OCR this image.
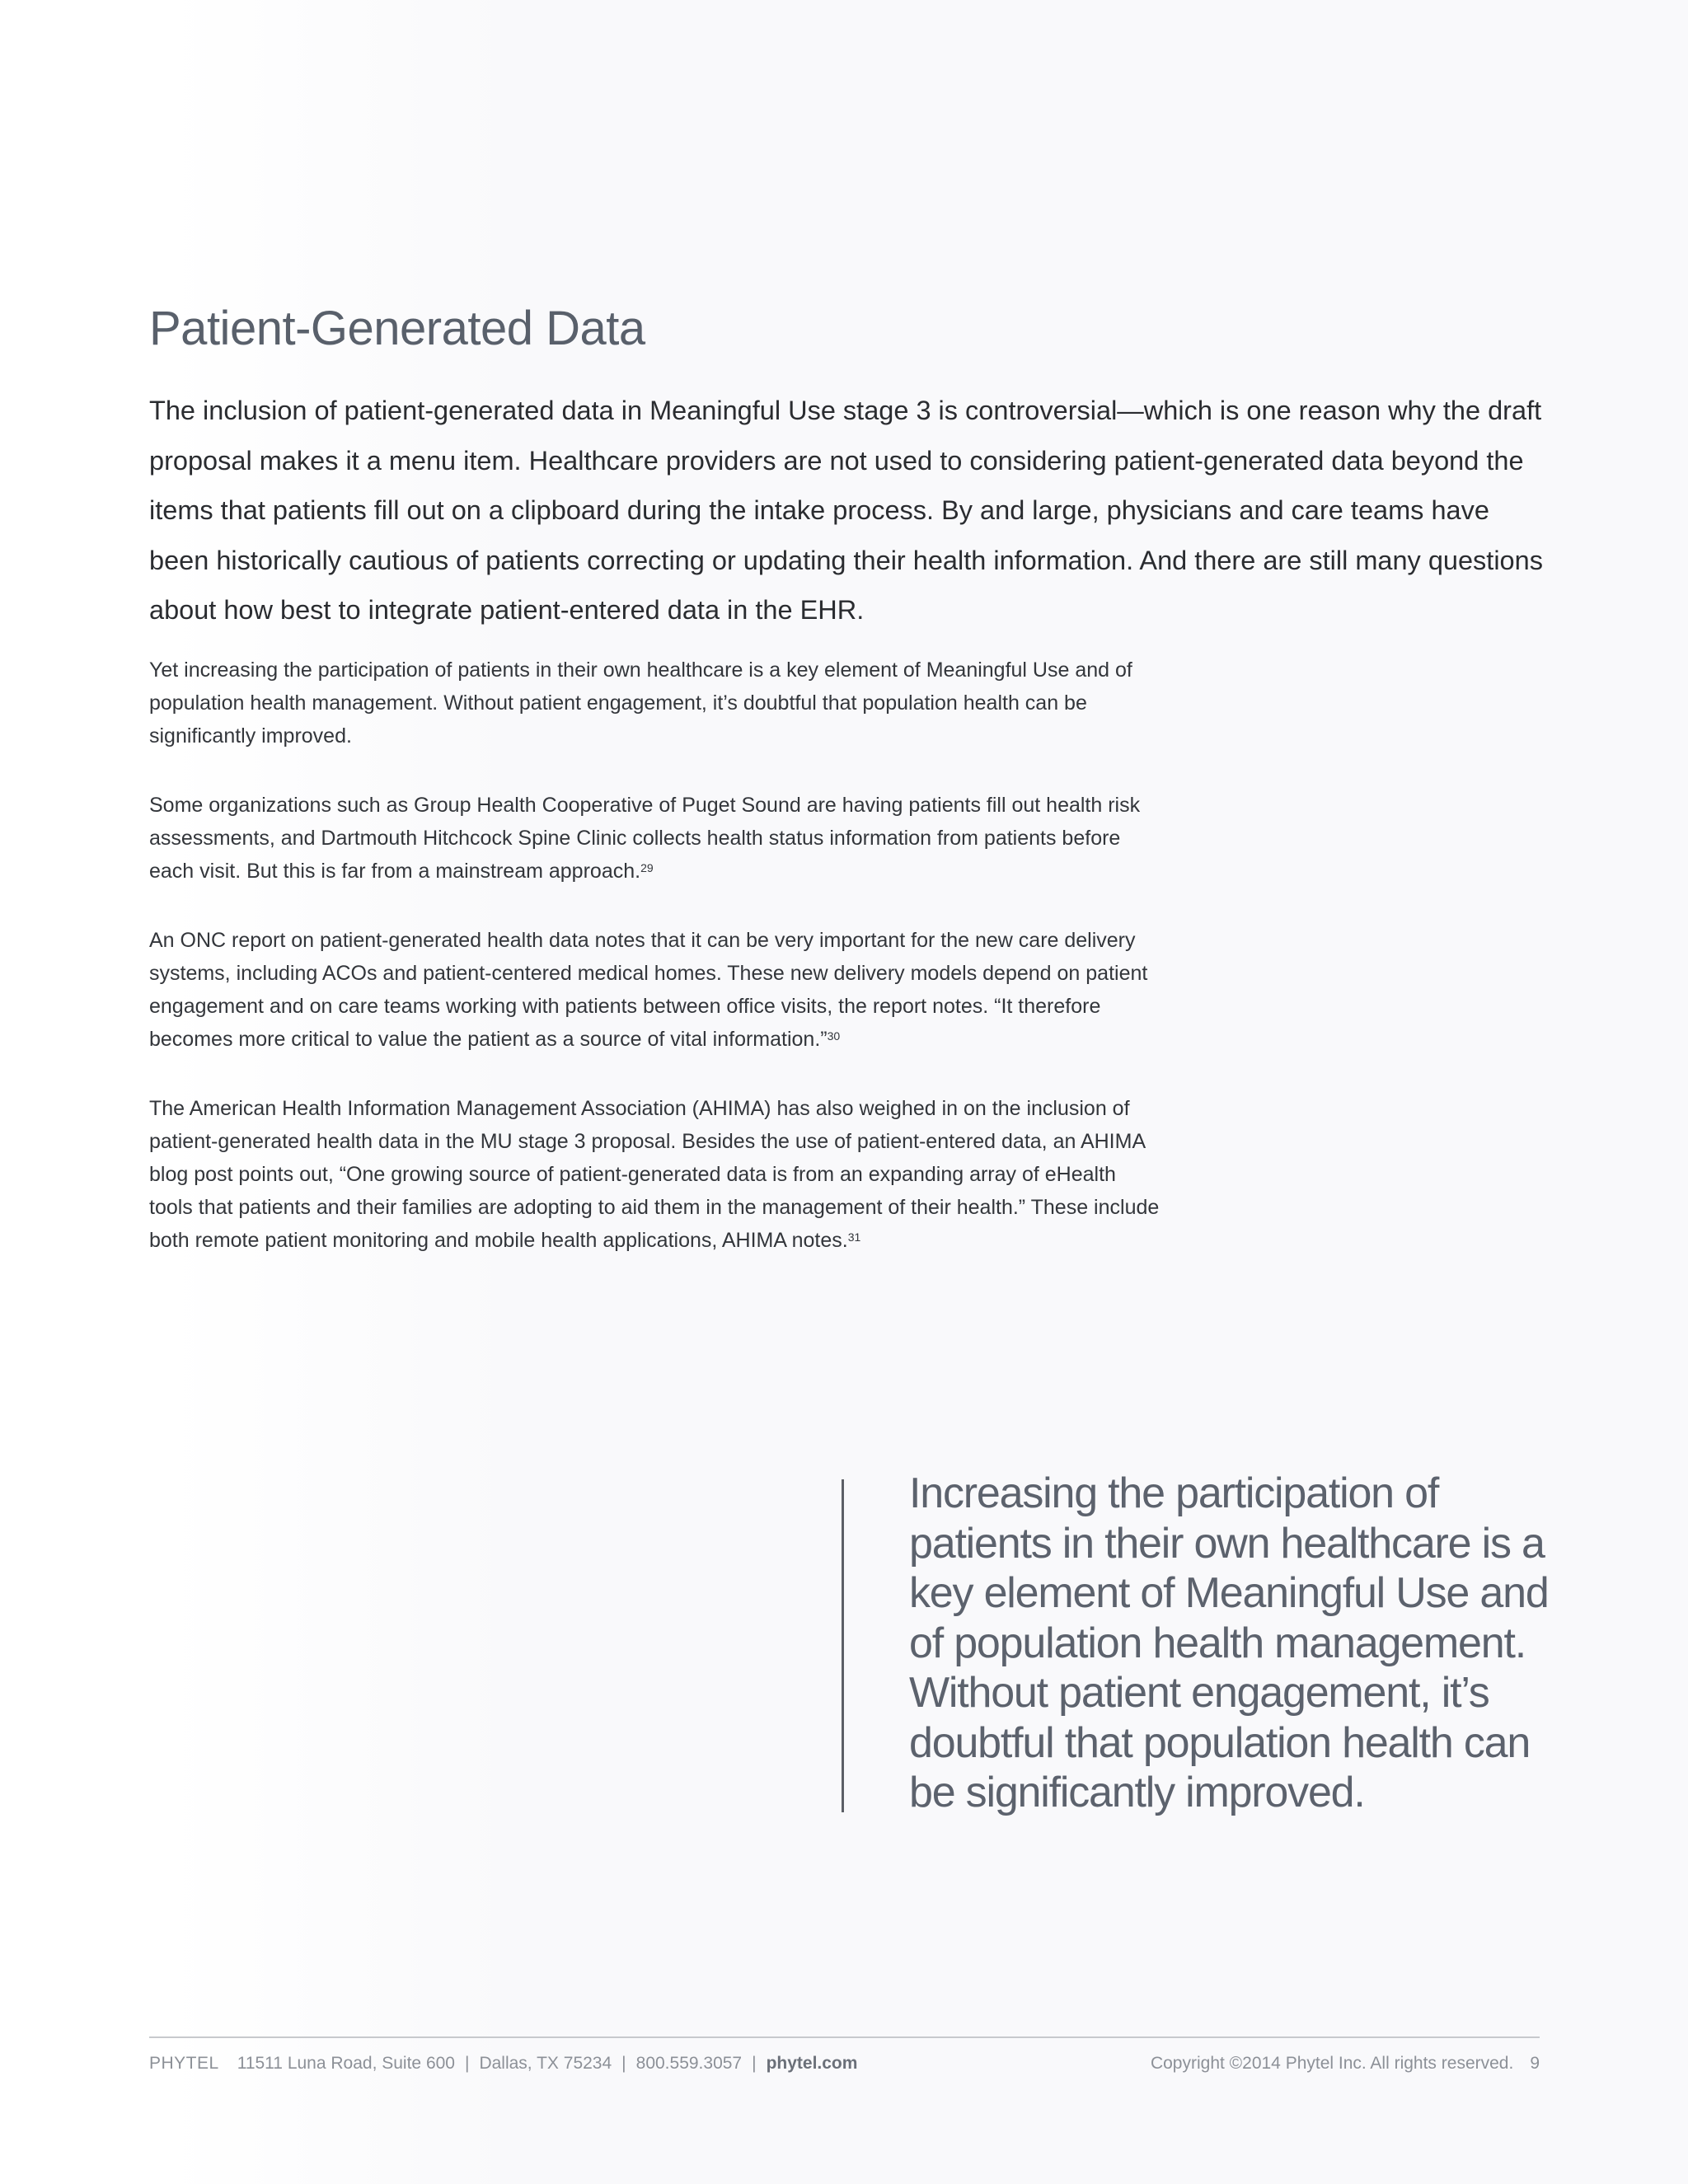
Patient-Generated Data

The inclusion of patient-generated data in Meaningful Use stage 3 is controversial—which is one reason why the draft proposal makes it a menu item. Healthcare providers are not used to considering patient-generated data beyond the items that patients fill out on a clipboard during the intake process. By and large, physicians and care teams have been historically cautious of patients correcting or updating their health information. And there are still many questions about how best to integrate patient-entered data in the EHR.

Yet increasing the participation of patients in their own healthcare is a key element of Meaningful Use and of population health management. Without patient engagement, it’s doubtful that population health can be significantly improved.

Some organizations such as Group Health Cooperative of Puget Sound are having patients fill out health risk assessments, and Dartmouth Hitchcock Spine Clinic collects health status information from patients before each visit. But this is far from a mainstream approach.$^{29}$

An ONC report on patient-generated health data notes that it can be very important for the new care delivery systems, including ACOs and patient-centered medical homes. These new delivery models depend on patient engagement and on care teams working with patients between office visits, the report notes. “It therefore becomes more critical to value the patient as a source of vital information.”$^{30}$

The American Health Information Management Association (AHIMA) has also weighed in on the inclusion of patient-generated health data in the MU stage 3 proposal. Besides the use of patient-entered data, an AHIMA blog post points out, “One growing source of patient-generated data is from an expanding array of eHealth tools that patients and their families are adopting to aid them in the management of their health.” These include both remote patient monitoring and mobile health applications, AHIMA notes.$^{31}$

Increasing the participation of patients in their own healthcare is a key element of Meaningful Use and of population health management. Without patient engagement, it’s doubtful that population health can be significantly improved.

PHYTEL 11511 Luna Road, Suite 600 | Dallas, TX 75234 | 800.559.3057 | phytel.com	Copyright ©2014 Phytel Inc. All rights reserved. 9
